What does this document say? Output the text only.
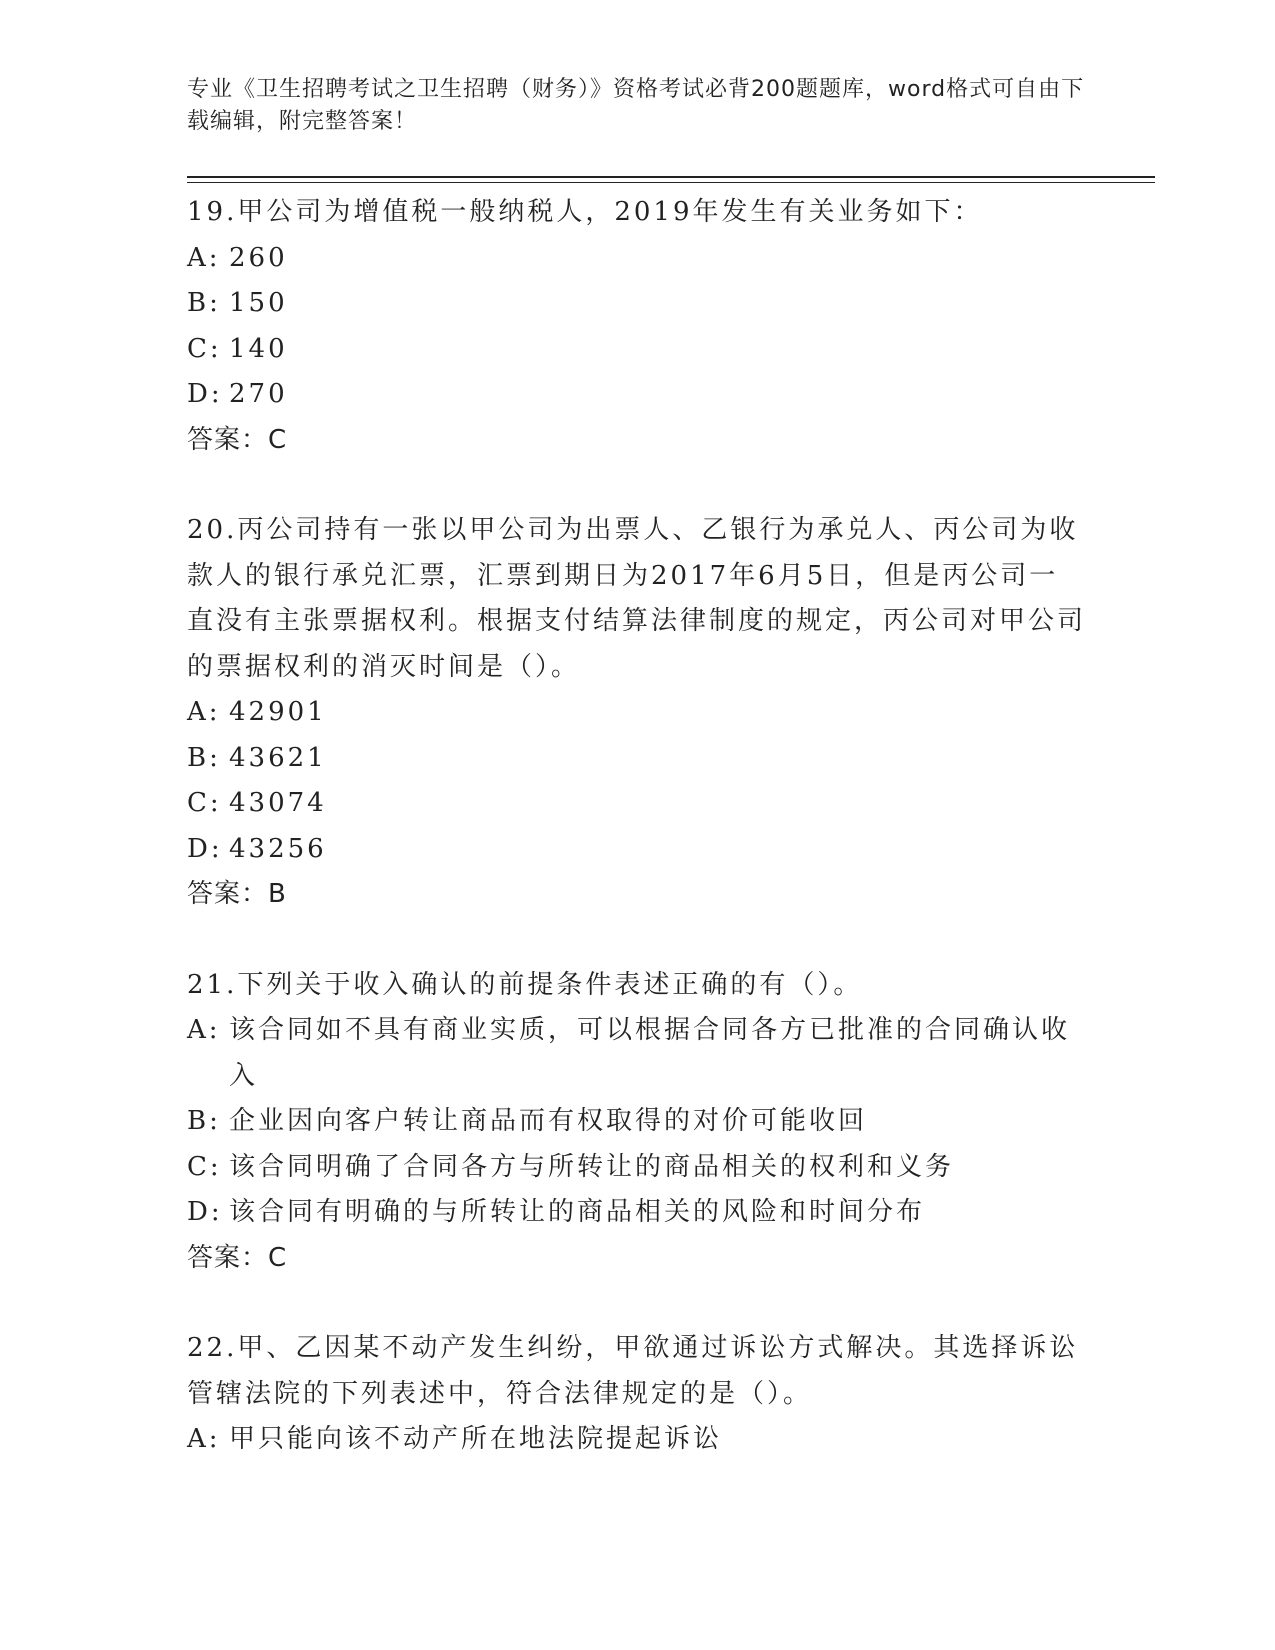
专业《卫生招聘考试之卫生招聘（财务）》资格考试必背200题题库，word格式可自由下载编辑，附完整答案！
19.甲公司为增值税一般纳税人，2019年发生有关业务如下：
A: 260
B: 150
C: 140
D: 270
答案：C
20.丙公司持有一张以甲公司为出票人、乙银行为承兑人、丙公司为收款人的银行承兑汇票，汇票到期日为2017年6月5日，但是丙公司一直没有主张票据权利。根据支付结算法律制度的规定，丙公司对甲公司的票据权利的消灭时间是（）。
A: 42901
B: 43621
C: 43074
D: 43256
答案：B
21.下列关于收入确认的前提条件表述正确的有（）。
A: 该合同如不具有商业实质，可以根据合同各方已批准的合同确认收入
B: 企业因向客户转让商品而有权取得的对价可能收回
C: 该合同明确了合同各方与所转让的商品相关的权利和义务
D: 该合同有明确的与所转让的商品相关的风险和时间分布
答案：C
22.甲、乙因某不动产发生纠纷，甲欲通过诉讼方式解决。其选择诉讼管辖法院的下列表述中，符合法律规定的是（）。
A: 甲只能向该不动产所在地法院提起诉讼
